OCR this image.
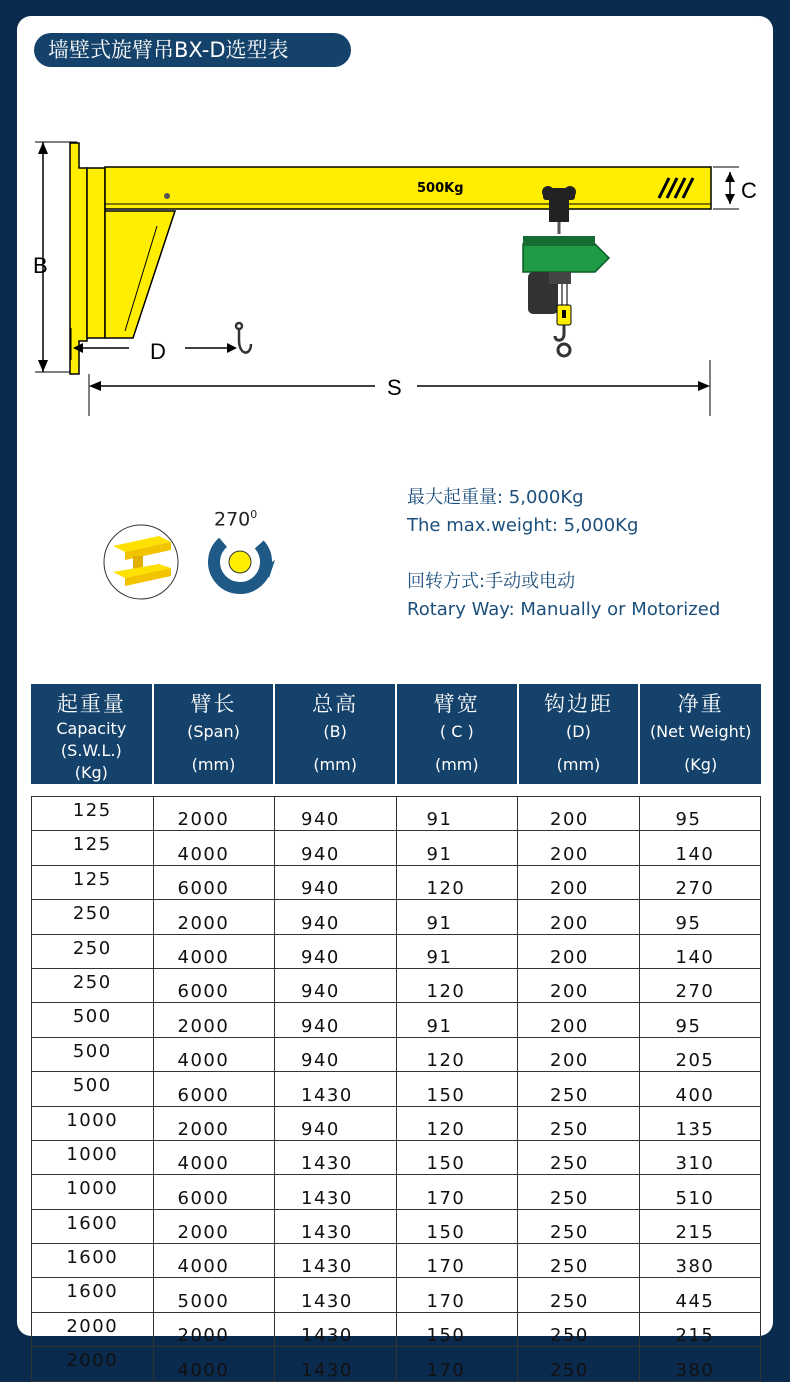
墙壁式旋臂吊BX-D选型表
B
500Kg	C
D
S
$270^0$
最大起重量: 5,000Kg
The max.weight: 5,000Kg
回转方式:手动或电动
Rotary Way: Manually or Motorized
起重量
Capacity
(S.W.L.)
(Kg)

臂长
(Span)
(mm)

总高
(B)
(mm)

臂宽
( C )
(mm)

钩边距
(D)
(mm)

净重
(Net Weight)
(Kg)
125	2000	940	91	200	95
125	4000	940	91	200	140
125	6000	940	120	200	270
250	2000	940	91	200	95
250	4000	940	91	200	140
250	6000	940	120	200	270
500	2000	940	91	200	95
500	4000	940	120	200	205
500	6000	1430	150	250	400
1000	2000	940	120	250	135
1000	4000	1430	150	250	310
1000	6000	1430	170	250	510
1600	2000	1430	150	250	215
1600	4000	1430	170	250	380
1600	5000	1430	170	250	445
2000	2000	1430	150	250	215
2000	4000	1430	170	250	380
